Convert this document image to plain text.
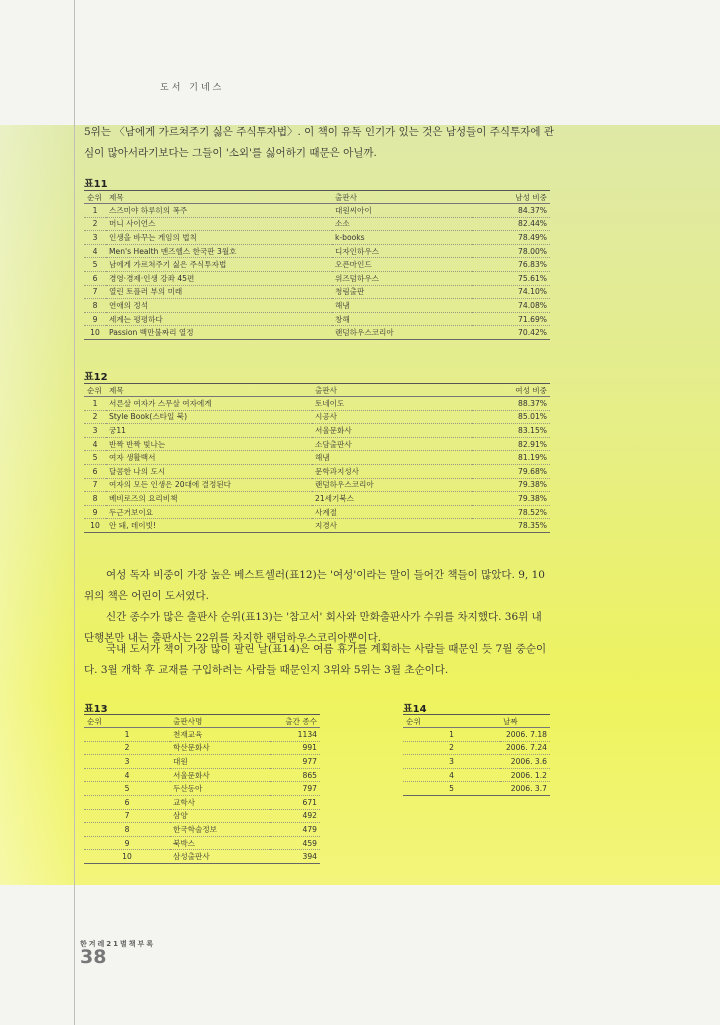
도서 기네스

5위는 〈남에게 가르쳐주기 싫은 주식투자법〉. 이 책이 유독 인기가 있는 것은 남성들이 주식투자에 관심이 많아서라기보다는 그들이 '소외'를 싫어하기 때문은 아닐까.

표11
순위	제목	출판사	남성 비중
1	스즈미야 하루히의 폭주	대원씨아이	84.37%
2	머니 사이언스	소소	82.44%
3	인생을 바꾸는 게임의 법칙	k-books	78.49%
4	Men's Health 맨즈헬스 한국판 3월호	디자인하우스	78.00%
5	남에게 가르쳐주기 싫은 주식투자법	오픈마인드	76.83%
6	경영·경제·인생 강좌 45편	위즈덤하우스	75.61%
7	열린 토플러 부의 미래	청림출판	74.10%
8	연애의 정석	해냄	74.08%
9	세계는 평평하다	창해	71.69%
10	Passion 백만불짜리 열정	랜덤하우스코리아	70.42%
표12
순위	제목	출판사	여성 비중
1	서른살 여자가 스무살 여자에게	토네이도	88.37%
2	Style Book(스타일 북)	시공사	85.01%
3	궁11	서울문화사	83.15%
4	반짝 반짝 빛나는	소담출판사	82.91%
5	여자 생활백서	해냄	81.19%
6	달콤한 나의 도시	문학과지성사	79.68%
7	여자의 모든 인생은 20대에 결정된다	랜덤하우스코리아	79.38%
8	베비로즈의 요리비책	21세기북스	79.38%
9	두근거보이요	사계절	78.52%
10	안 돼, 데이빗!	지경사	78.35%

여성 독자 비중이 가장 높은 베스트셀러(표12)는 '여성'이라는 말이 들어간 책들이 많았다. 9, 10위의 책은 어린이 도서였다.

신간 종수가 많은 출판사 순위(표13)는 '참고서' 회사와 만화출판사가 수위를 차지했다. 36위 내 단행본만 내는 출판사는 22위를 차지한 랜덤하우스코리아뿐이다.

국내 도서가 책이 가장 많이 팔린 날(표14)은 여름 휴가를 계획하는 사람들 때문인 듯 7월 중순이다. 3월 개학 후 교재를 구입하려는 사람들 때문인지 3위와 5위는 3월 초순이다.

표13
순위	출판사명	출간 종수
1	천재교육	1134
2	학산문화사	991
3	대원	977
4	서울문화사	865
5	두산동아	797
6	교학사	671
7	삼양	492
8	한국학술정보	479
9	북박스	459
10	삼성출판사	394
표14
순위	날짜
1	2006. 7.18
2	2006. 7.24
3	2006. 3.6
4	2006. 1.2
5	2006. 3.7
한겨레21별책부록
38
